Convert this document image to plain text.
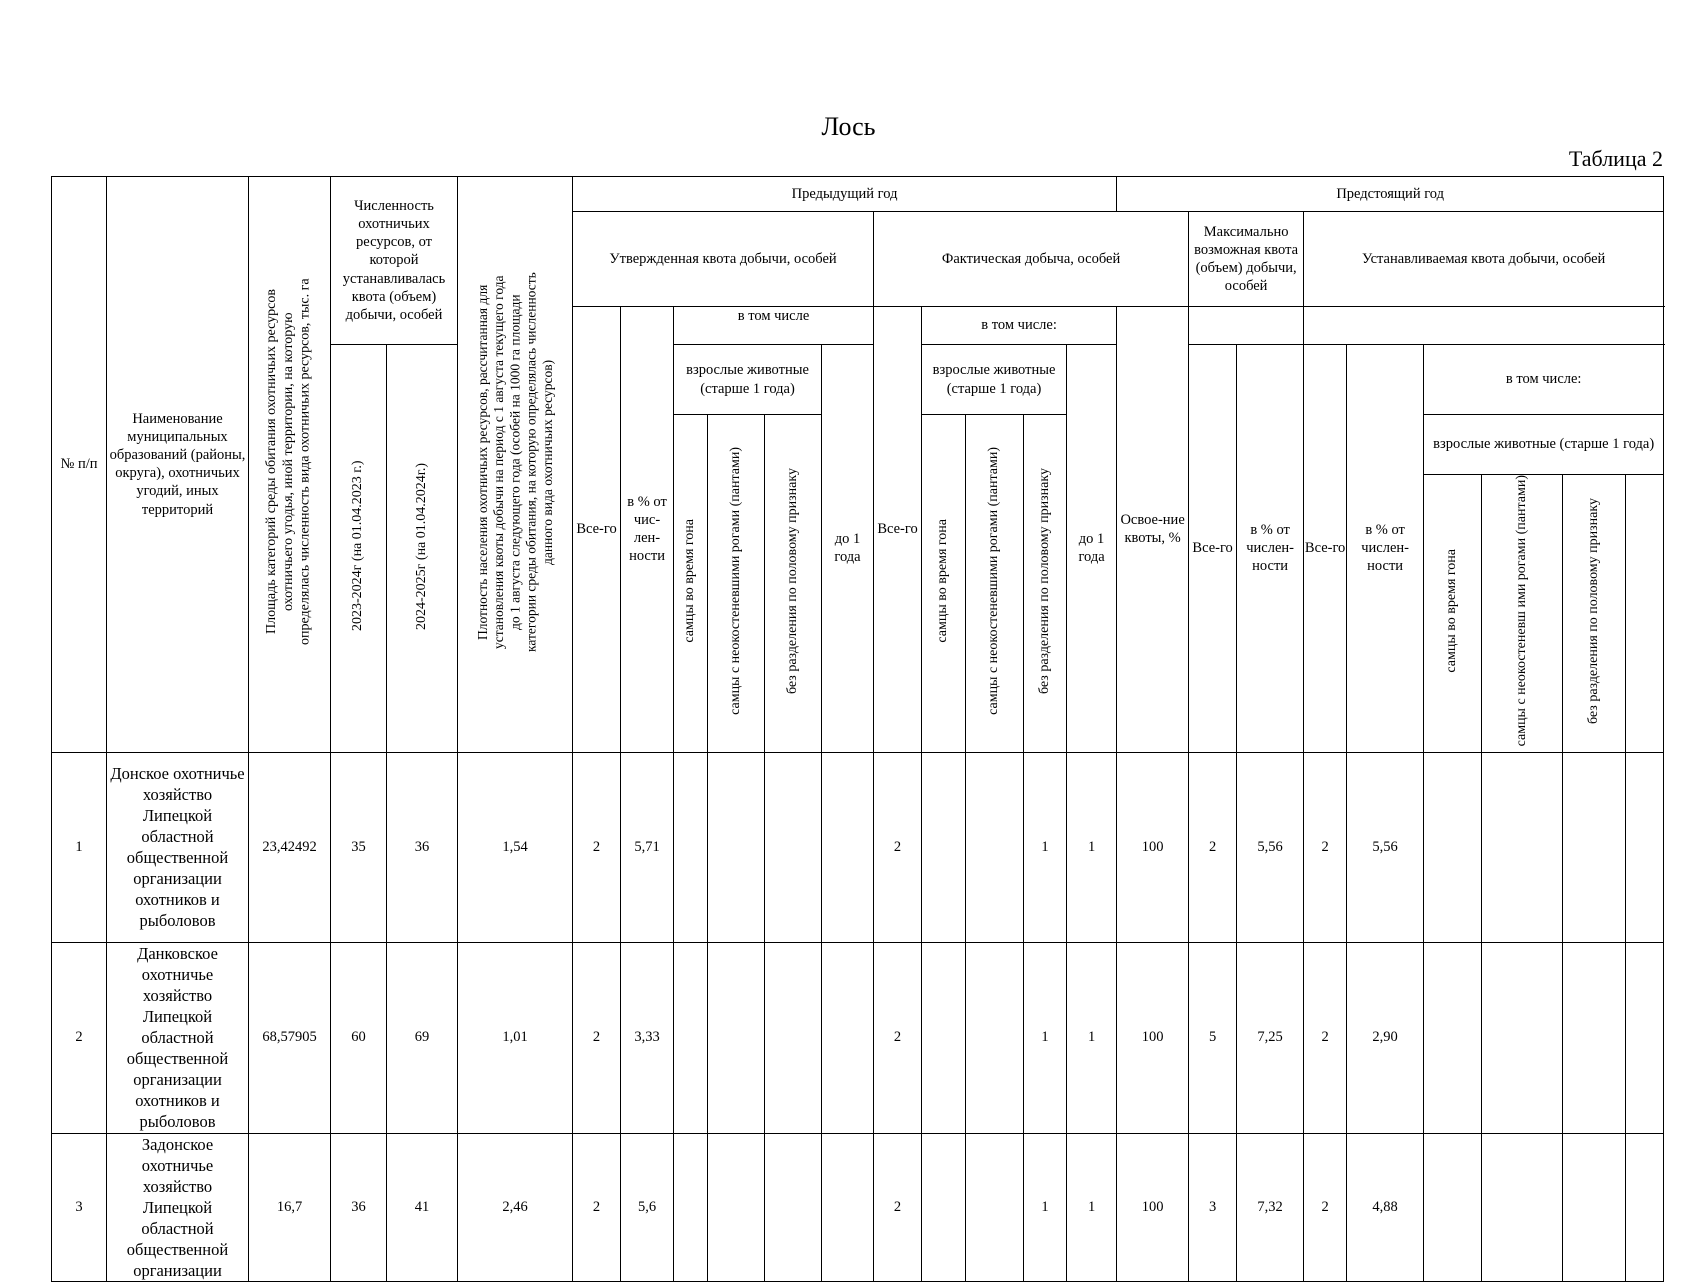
Лось
Таблица 2
№ п/п	Наименование муниципальных образований (районы, округа), охотничьих угодий, иных территорий	Площадь категорий среды обитания охотничьих ресурсов охотничьего угодья, иной территории, на которую определялась численность вида охотничьих ресурсов, тыс. га	Численность охотничьих ресурсов, от которой устанавливалась квота (объем) добычи, особей		Плотность населения охотничьих ресурсов, рассчитанная для установления квоты добычи на период с 1 августа текущего года до 1 августа следующего года (особей на 1000 га площади категории среды обитания, на которую определялась численность данного вида охотничьих ресурсов)	Предыдущий год											Предстоящий год									
						Утвержденная квота добычи, особей						Фактическая добыча, особей						Максимально возможная квота (объем) добычи, особей		Устанавливаемая квота добычи, особей						
						Все-го	в % от чис-лен-ности	в том числе				Все-го	в том числе:				Освое-ние квоты, %									
			2023-2024г (на 01.04.2023 г.)	2024-2025г (на 01.04.2024г.)				взрослые животные (старше 1 года)			до 1 года		взрослые животные (старше 1 года)			до 1 года		Все-го	в % от числен-ности	Все-го	в % от числен-ности	в том числе:				
								самцы во время гона	самцы с неокостеневшими рогами (пантами)	без разделения по половому признаку			самцы во время гона	самцы с неокостеневшими рогами (пантами)	без разделения по половому признаку							взрослые животные (старше 1 года)	
																						самцы во время гона	самцы с неокостеневш ими рогами (пантами)	без разделения по половому признаку		
1	Донское охотничье хозяйство Липецкой областной общественной организации охотников и рыболовов	23,42492	35	36	1,54	2	5,71					2			1	1	100	2	5,56	2	5,56					
2	Данковское охотничье хозяйство Липецкой областной общественной организации охотников и рыболовов	68,57905	60	69	1,01	2	3,33					2			1	1	100	5	7,25	2	2,90					
3	Задонское охотничье хозяйство Липецкой областной общественной организации	16,7	36	41	2,46	2	5,6					2			1	1	100	3	7,32	2	4,88					
